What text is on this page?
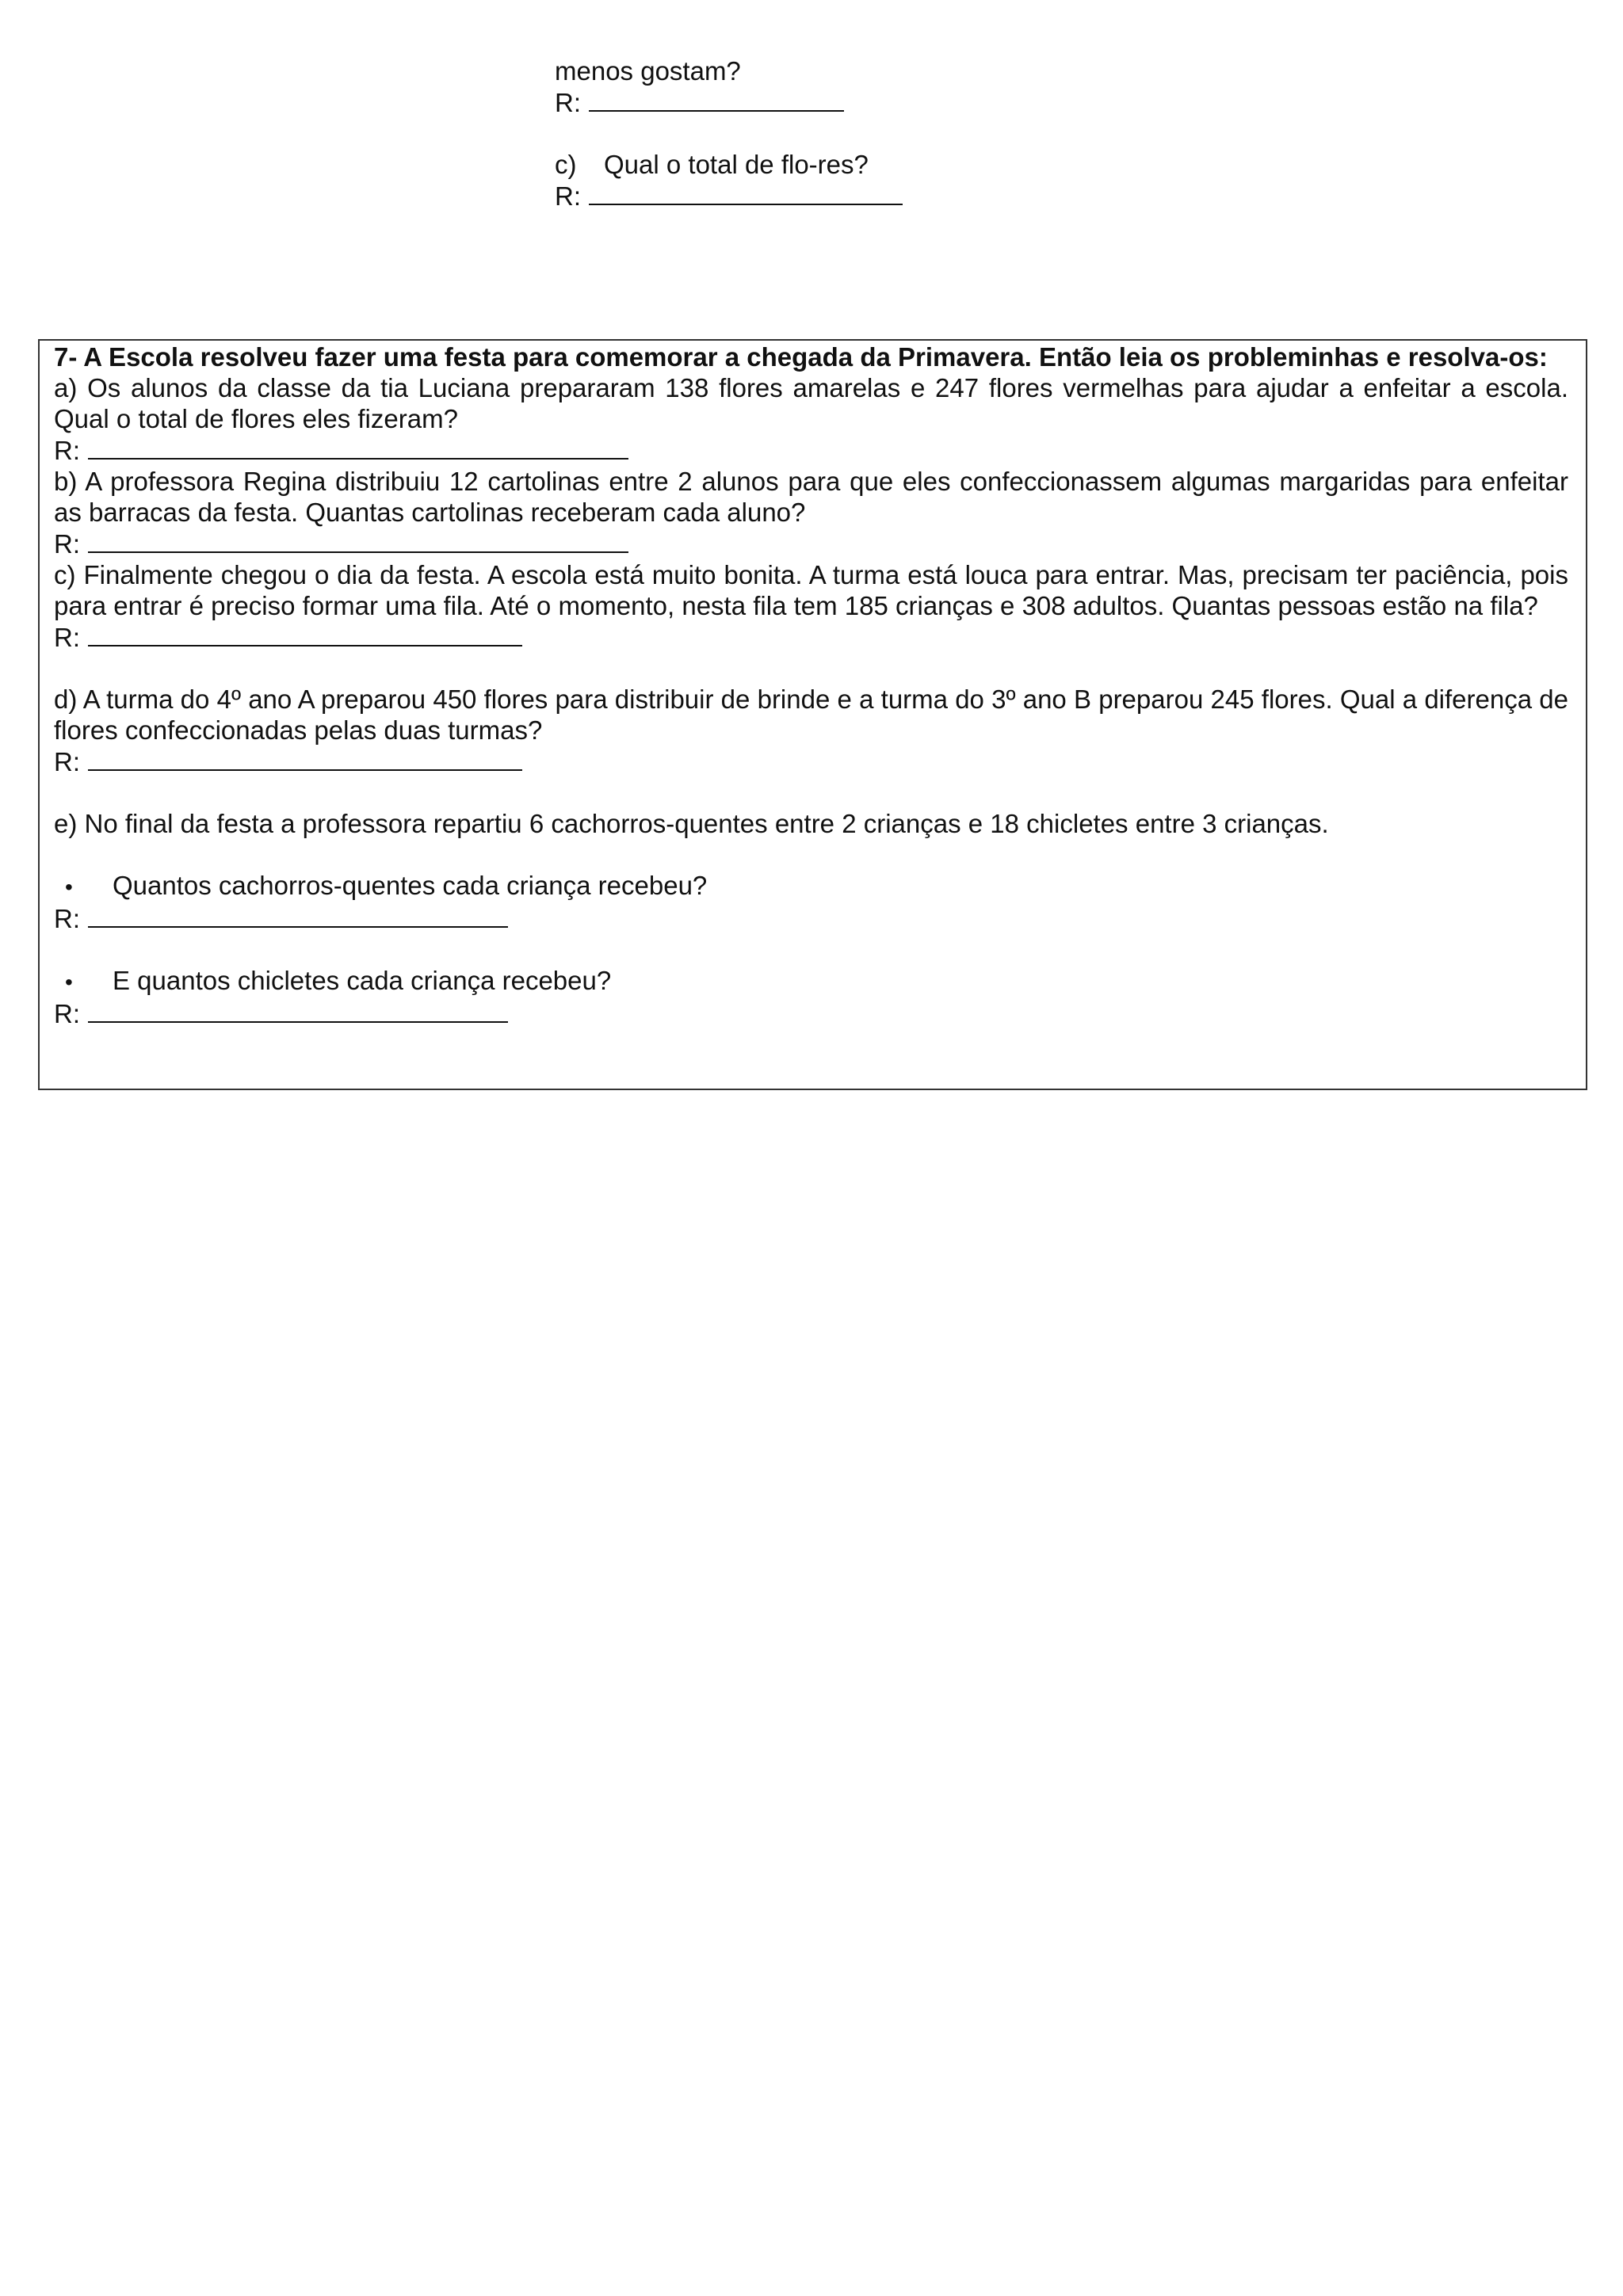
menos gostam?
R:
c)	Qual o total de flo-res?
R:
7- A Escola resolveu fazer uma festa para comemorar a chegada da Primavera. Então leia os probleminhas e resolva-os:
a) Os alunos da classe da tia Luciana prepararam 138 flores amarelas e 247 flores vermelhas para ajudar a enfeitar a escola. Qual o total de flores eles fizeram?
R:
b) A professora Regina distribuiu 12 cartolinas entre 2 alunos para que eles confeccionassem algumas margaridas para enfeitar as barracas da festa. Quantas cartolinas receberam cada aluno?
R:
c) Finalmente chegou o dia da festa. A escola está muito bonita. A turma está louca para entrar. Mas, precisam ter paciência, pois para entrar é preciso formar uma fila. Até o momento, nesta fila tem 185 crianças e 308 adultos. Quantas pessoas estão na fila?
R:
d) A turma do 4º ano A preparou 450 flores para distribuir de brinde e a turma do 3º ano B preparou 245 flores. Qual a diferença de flores confeccionadas pelas duas turmas?
R:
e) No final da festa a professora repartiu 6 cachorros-quentes entre 2 crianças e 18 chicletes entre 3 crianças.
•	Quantos cachorros-quentes cada criança recebeu?
R:
•	E quantos chicletes cada criança recebeu?
R:
